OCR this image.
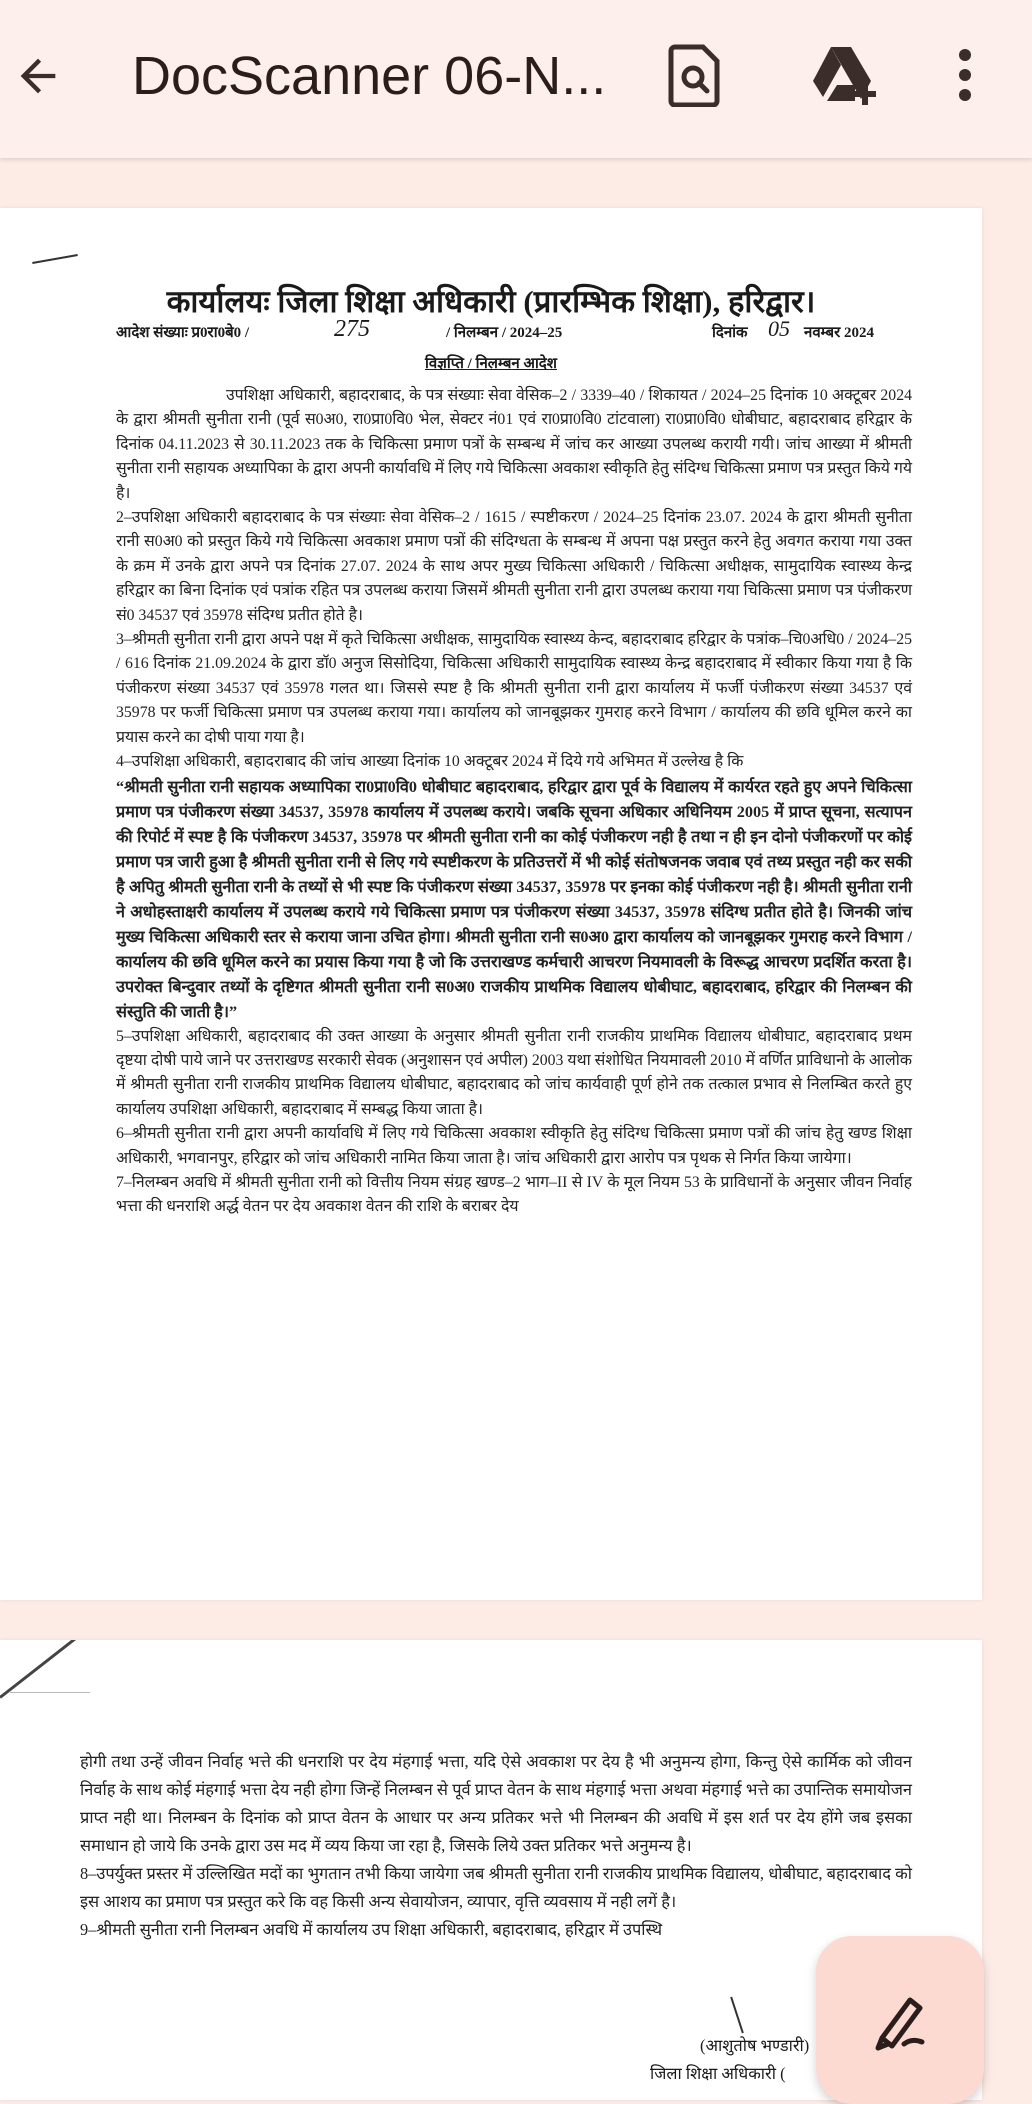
DocScanner 06-N...
कार्यालयः जिला शिक्षा अधिकारी (प्रारम्भिक शिक्षा), हरिद्वार।
आदेश संख्याः प्र0रा0बे0 /	275	/ निलम्बन / 2024–25	दिनांक 05 नवम्बर 2024
विज्ञप्ति / निलम्बन आदेश

उपशिक्षा अधिकारी, बहादराबाद, के पत्र संख्याः सेवा वेसिक–2 / 3339–40 / शिकायत / 2024–25 दिनांक 10 अक्टूबर 2024 के द्वारा श्रीमती सुनीता रानी (पूर्व स0अ0, रा0प्रा0वि0 भेल, सेक्टर नं01 एवं रा0प्रा0वि0 टांटवाला) रा0प्रा0वि0 धोबीघाट, बहादराबाद हरिद्वार के दिनांक 04.11.2023 से 30.11.2023 तक के चिकित्सा प्रमाण पत्रों के सम्बन्ध में जांच कर आख्या उपलब्ध करायी गयी। जांच आख्या में श्रीमती सुनीता रानी सहायक अध्यापिका के द्वारा अपनी कार्यावधि में लिए गये चिकित्सा अवकाश स्वीकृति हेतु संदिग्ध चिकित्सा प्रमाण पत्र प्रस्तुत किये गये है।

2–उपशिक्षा अधिकारी बहादराबाद के पत्र संख्याः सेवा वेसिक–2 / 1615 / स्पष्टीकरण / 2024–25 दिनांक 23.07. 2024 के द्वारा श्रीमती सुनीता रानी स0अ0 को प्रस्तुत किये गये चिकित्सा अवकाश प्रमाण पत्रों की संदिग्धता के सम्बन्ध में अपना पक्ष प्रस्तुत करने हेतु अवगत कराया गया उक्त के क्रम में उनके द्वारा अपने पत्र दिनांक 27.07. 2024 के साथ अपर मुख्य चिकित्सा अधिकारी / चिकित्सा अधीक्षक, सामुदायिक स्वास्थ्य केन्द्र हरिद्वार का बिना दिनांक एवं पत्रांक रहित पत्र उपलब्ध कराया जिसमें श्रीमती सुनीता रानी द्वारा उपलब्ध कराया गया चिकित्सा प्रमाण पत्र पंजीकरण सं0 34537 एवं 35978 संदिग्ध प्रतीत होते है।

3–श्रीमती सुनीता रानी द्वारा अपने पक्ष में कृते चिकित्सा अधीक्षक, सामुदायिक स्वास्थ्य केन्द, बहादराबाद हरिद्वार के पत्रांक–चि0अधि0 / 2024–25 / 616 दिनांक 21.09.2024 के द्वारा डॉ0 अनुज सिसोदिया, चिकित्सा अधिकारी सामुदायिक स्वास्थ्य केन्द्र बहादराबाद में स्वीकार किया गया है कि पंजीकरण संख्या 34537 एवं 35978 गलत था। जिससे स्पष्ट है कि श्रीमती सुनीता रानी द्वारा कार्यालय में फर्जी पंजीकरण संख्या 34537 एवं 35978 पर फर्जी चिकित्सा प्रमाण पत्र उपलब्ध कराया गया। कार्यालय को जानबूझकर गुमराह करने विभाग / कार्यालय की छवि धूमिल करने का प्रयास करने का दोषी पाया गया है।

4–उपशिक्षा अधिकारी, बहादराबाद की जांच आख्या दिनांक 10 अक्टूबर 2024 में दिये गये अभिमत में उल्लेख है कि

“श्रीमती सुनीता रानी सहायक अध्यापिका रा0प्रा0वि0 धोबीघाट बहादराबाद, हरिद्वार द्वारा पूर्व के विद्यालय में कार्यरत रहते हुए अपने चिकित्सा प्रमाण पत्र पंजीकरण संख्या 34537, 35978 कार्यालय में उपलब्ध कराये। जबकि सूचना अधिकार अधिनियम 2005 में प्राप्त सूचना, सत्यापन की रिपोर्ट में स्पष्ट है कि पंजीकरण 34537, 35978 पर श्रीमती सुनीता रानी का कोई पंजीकरण नही है तथा न ही इन दोनो पंजीकरणों पर कोई प्रमाण पत्र जारी हुआ है श्रीमती सुनीता रानी से लिए गये स्पष्टीकरण के प्रतिउत्तरों में भी कोई संतोषजनक जवाब एवं तथ्य प्रस्तुत नही कर सकी है अपितु श्रीमती सुनीता रानी के तथ्यों से भी स्पष्ट कि पंजीकरण संख्या 34537, 35978 पर इनका कोई पंजीकरण नही है। श्रीमती सुनीता रानी ने अधोहस्ताक्षरी कार्यालय में उपलब्ध कराये गये चिकित्सा प्रमाण पत्र पंजीकरण संख्या 34537, 35978 संदिग्ध प्रतीत होते है। जिनकी जांच मुख्य चिकित्सा अधिकारी स्तर से कराया जाना उचित होगा। श्रीमती सुनीता रानी स0अ0 द्वारा कार्यालय को जानबूझकर गुमराह करने विभाग / कार्यालय की छवि धूमिल करने का प्रयास किया गया है जो कि उत्तराखण्ड कर्मचारी आचरण नियमावली के विरूद्ध आचरण प्रदर्शित करता है। उपरोक्त बिन्दुवार तथ्यों के दृष्टिगत श्रीमती सुनीता रानी स0अ0 राजकीय प्राथमिक विद्यालय धोबीघाट, बहादराबाद, हरिद्वार की निलम्बन की संस्तुति की जाती है।”

5–उपशिक्षा अधिकारी, बहादराबाद की उक्त आख्या के अनुसार श्रीमती सुनीता रानी राजकीय प्राथमिक विद्यालय धोबीघाट, बहादराबाद प्रथम दृष्टया दोषी पाये जाने पर उत्तराखण्ड सरकारी सेवक (अनुशासन एवं अपील) 2003 यथा संशोधित नियमावली 2010 में वर्णित प्राविधानो के आलोक में श्रीमती सुनीता रानी राजकीय प्राथमिक विद्यालय धोबीघाट, बहादराबाद को जांच कार्यवाही पूर्ण होने तक तत्काल प्रभाव से निलम्बित करते हुए कार्यालय उपशिक्षा अधिकारी, बहादराबाद में सम्बद्ध किया जाता है।

6–श्रीमती सुनीता रानी द्वारा अपनी कार्यावधि में लिए गये चिकित्सा अवकाश स्वीकृति हेतु संदिग्ध चिकित्सा प्रमाण पत्रों की जांच हेतु खण्ड शिक्षा अधिकारी, भगवानपुर, हरिद्वार को जांच अधिकारी नामित किया जाता है। जांच अधिकारी द्वारा आरोप पत्र पृथक से निर्गत किया जायेगा।

7–निलम्बन अवधि में श्रीमती सुनीता रानी को वित्तीय नियम संग्रह खण्ड–2 भाग–II से IV के मूल नियम 53 के प्राविधानों के अनुसार जीवन निर्वाह भत्ता की धनराशि अर्द्ध वेतन पर देय अवकाश वेतन की राशि के बराबर देय

होगी तथा उन्हें जीवन निर्वाह भत्ते की धनराशि पर देय मंहगाई भत्ता, यदि ऐसे अवकाश पर देय है भी अनुमन्य होगा, किन्तु ऐसे कार्मिक को जीवन निर्वाह के साथ कोई मंहगाई भत्ता देय नही होगा जिन्हें निलम्बन से पूर्व प्राप्त वेतन के साथ मंहगाई भत्ता अथवा मंहगाई भत्ते का उपान्तिक समायोजन प्राप्त नही था। निलम्बन के दिनांक को प्राप्त वेतन के आधार पर अन्य प्रतिकर भत्ते भी निलम्बन की अवधि में इस शर्त पर देय होंगे जब इसका समाधान हो जाये कि उनके द्वारा उस मद में व्यय किया जा रहा है, जिसके लिये उक्त प्रतिकर भत्ते अनुमन्य है।

8–उपर्युक्त प्रस्तर में उल्लिखित मदों का भुगतान तभी किया जायेगा जब श्रीमती सुनीता रानी राजकीय प्राथमिक विद्यालय, धोबीघाट, बहादराबाद को इस आशय का प्रमाण पत्र प्रस्तुत करे कि वह किसी अन्य सेवायोजन, व्यापार, वृत्ति व्यवसाय में नही लगें है।

9–श्रीमती सुनीता रानी निलम्बन अवधि में कार्यालय उप शिक्षा अधिकारी, बहादराबाद, हरिद्वार में उपस्थि

(आशुतोष भण्डारी)
जिला शिक्षा अधिकारी (
